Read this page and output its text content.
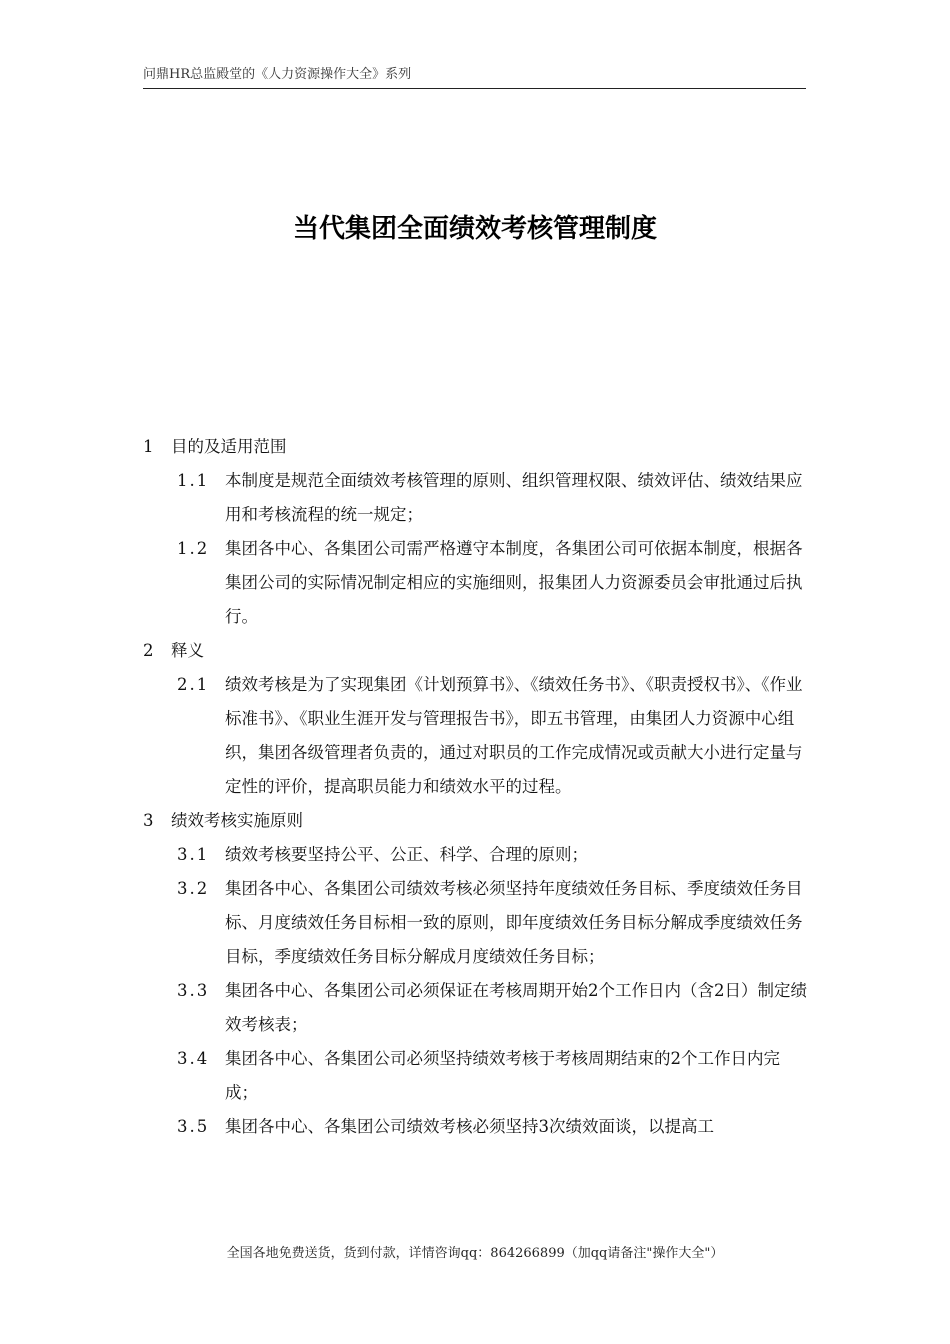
问鼎HR总监殿堂的《人力资源操作大全》系列
当代集团全面绩效考核管理制度
1 目的及适用范围
1.1 本制度是规范全面绩效考核管理的原则、组织管理权限、绩效评估、绩效结果应用和考核流程的统一规定；
1.2 集团各中心、各集团公司需严格遵守本制度，各集团公司可依据本制度，根据各集团公司的实际情况制定相应的实施细则，报集团人力资源委员会审批通过后执行。
2 释义
2.1 绩效考核是为了实现集团《计划预算书》、《绩效任务书》、《职责授权书》、《作业标准书》、《职业生涯开发与管理报告书》，即五书管理，由集团人力资源中心组织，集团各级管理者负责的，通过对职员的工作完成情况或贡献大小进行定量与定性的评价，提高职员能力和绩效水平的过程。
3 绩效考核实施原则
3.1 绩效考核要坚持公平、公正、科学、合理的原则；
3.2 集团各中心、各集团公司绩效考核必须坚持年度绩效任务目标、季度绩效任务目标、月度绩效任务目标相一致的原则，即年度绩效任务目标分解成季度绩效任务目标，季度绩效任务目标分解成月度绩效任务目标；
3.3 集团各中心、各集团公司必须保证在考核周期开始2个工作日内（含2日）制定绩效考核表；
3.4 集团各中心、各集团公司必须坚持绩效考核于考核周期结束的2个工作日内完成；
3.5 集团各中心、各集团公司绩效考核必须坚持3次绩效面谈，以提高工
全国各地免费送货，货到付款，详情咨询qq：864266899（加qq请备注"操作大全"）
